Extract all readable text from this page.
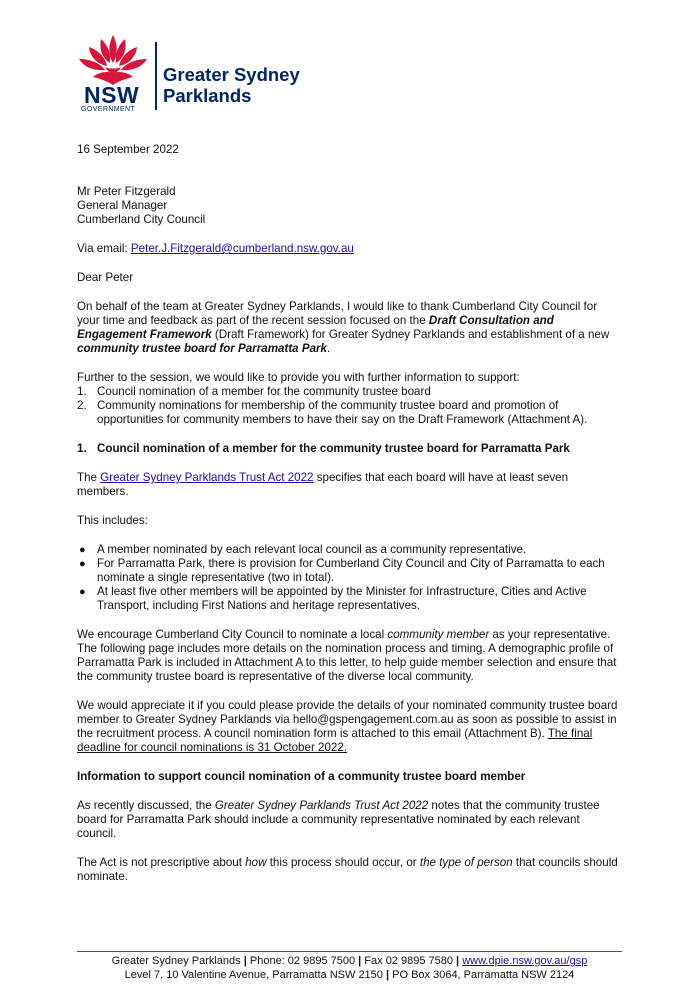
NSW
GOVERNMENT
Greater Sydney
Parklands

16 September 2022

Mr Peter Fitzgerald

General Manager

Cumberland City Council

Via email: Peter.J.Fitzgerald@cumberland.nsw.gov.au

Dear Peter

On behalf of the team at Greater Sydney Parklands, I would like to thank Cumberland City Council for your time and feedback as part of the recent session focused on the Draft Consultation and Engagement Framework (Draft Framework) for Greater Sydney Parklands and establishment of a new community trustee board for Parramatta Park.

Further to the session, we would like to provide you with further information to support:

1. Council nomination of a member for the community trustee board
2. Community nominations for membership of the community trustee board and promotion of opportunities for community members to have their say on the Draft Framework (Attachment A).

1. Council nomination of a member for the community trustee board for Parramatta Park

The Greater Sydney Parklands Trust Act 2022 specifies that each board will have at least seven members.

This includes:

● A member nominated by each relevant local council as a community representative.
● For Parramatta Park, there is provision for Cumberland City Council and City of Parramatta to each nominate a single representative (two in total).
● At least five other members will be appointed by the Minister for Infrastructure, Cities and Active Transport, including First Nations and heritage representatives.

We encourage Cumberland City Council to nominate a local community member as your representative. The following page includes more details on the nomination process and timing. A demographic profile of Parramatta Park is included in Attachment A to this letter, to help guide member selection and ensure that the community trustee board is representative of the diverse local community.

We would appreciate it if you could please provide the details of your nominated community trustee board member to Greater Sydney Parklands via hello@gspengagement.com.au as soon as possible to assist in the recruitment process. A council nomination form is attached to this email (Attachment B). The final deadline for council nominations is 31 October 2022.

Information to support council nomination of a community trustee board member

As recently discussed, the Greater Sydney Parklands Trust Act 2022 notes that the community trustee board for Parramatta Park should include a community representative nominated by each relevant council.

The Act is not prescriptive about how this process should occur, or the type of person that councils should nominate.

Greater Sydney Parklands | Phone: 02 9895 7500 | Fax 02 9895 7580 | www.dpie.nsw.gov.au/gsp
Level 7, 10 Valentine Avenue, Parramatta NSW 2150 | PO Box 3064, Parramatta NSW 2124
